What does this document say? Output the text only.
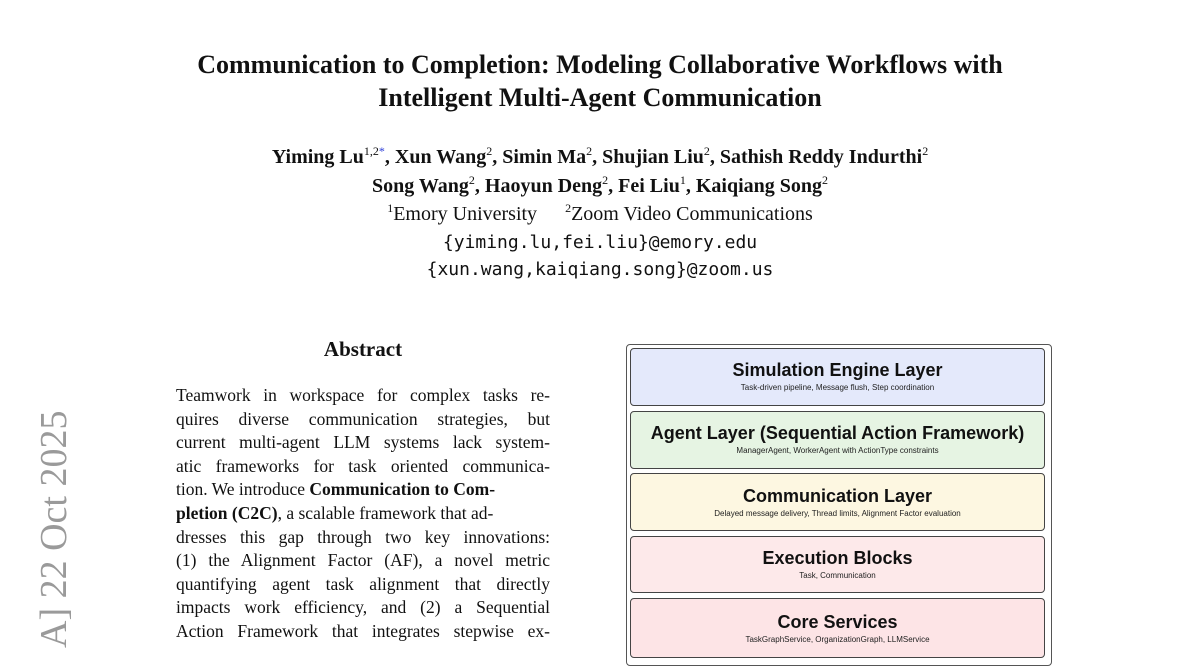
Communication to Completion: Modeling Collaborative Workflows with
Intelligent Multi-Agent Communication
Yiming $Lu^{1,2*}$, Xun Wang$^2$, Simin Ma$^2$, Shujian Liu$^2$, Sathish Reddy Indurthi$^2$
Song Wang$^2$, Haoyun Deng$^2$, Fei Liu$^1$, Kaiqiang Song$^2$
$^1$Emory University $^2$Zoom Video Communications
{yiming.lu,fei.liu}@emory.edu
{xun.wang,kaiqiang.song}@zoom.us
A] 22 Oct 2025
Abstract
Teamwork in workspace for complex tasks re-
quires diverse communication strategies, but
current multi-agent LLM systems lack system-
atic frameworks for task oriented communica-
tion. We introduce Communication to Com-
pletion (C2C), a scalable framework that ad-
dresses this gap through two key innovations:
(1) the Alignment Factor (AF), a novel metric
quantifying agent task alignment that directly
impacts work efficiency, and (2) a Sequential
Action Framework that integrates stepwise ex-
Simulation Engine Layer
Task-driven pipeline, Message flush, Step coordination
Agent Layer (Sequential Action Framework)
ManagerAgent, WorkerAgent with ActionType constraints
Communication Layer
Delayed message delivery, Thread limits, Alignment Factor evaluation
Execution Blocks
Task, Communication
Core Services
TaskGraphService, OrganizationGraph, LLMService
